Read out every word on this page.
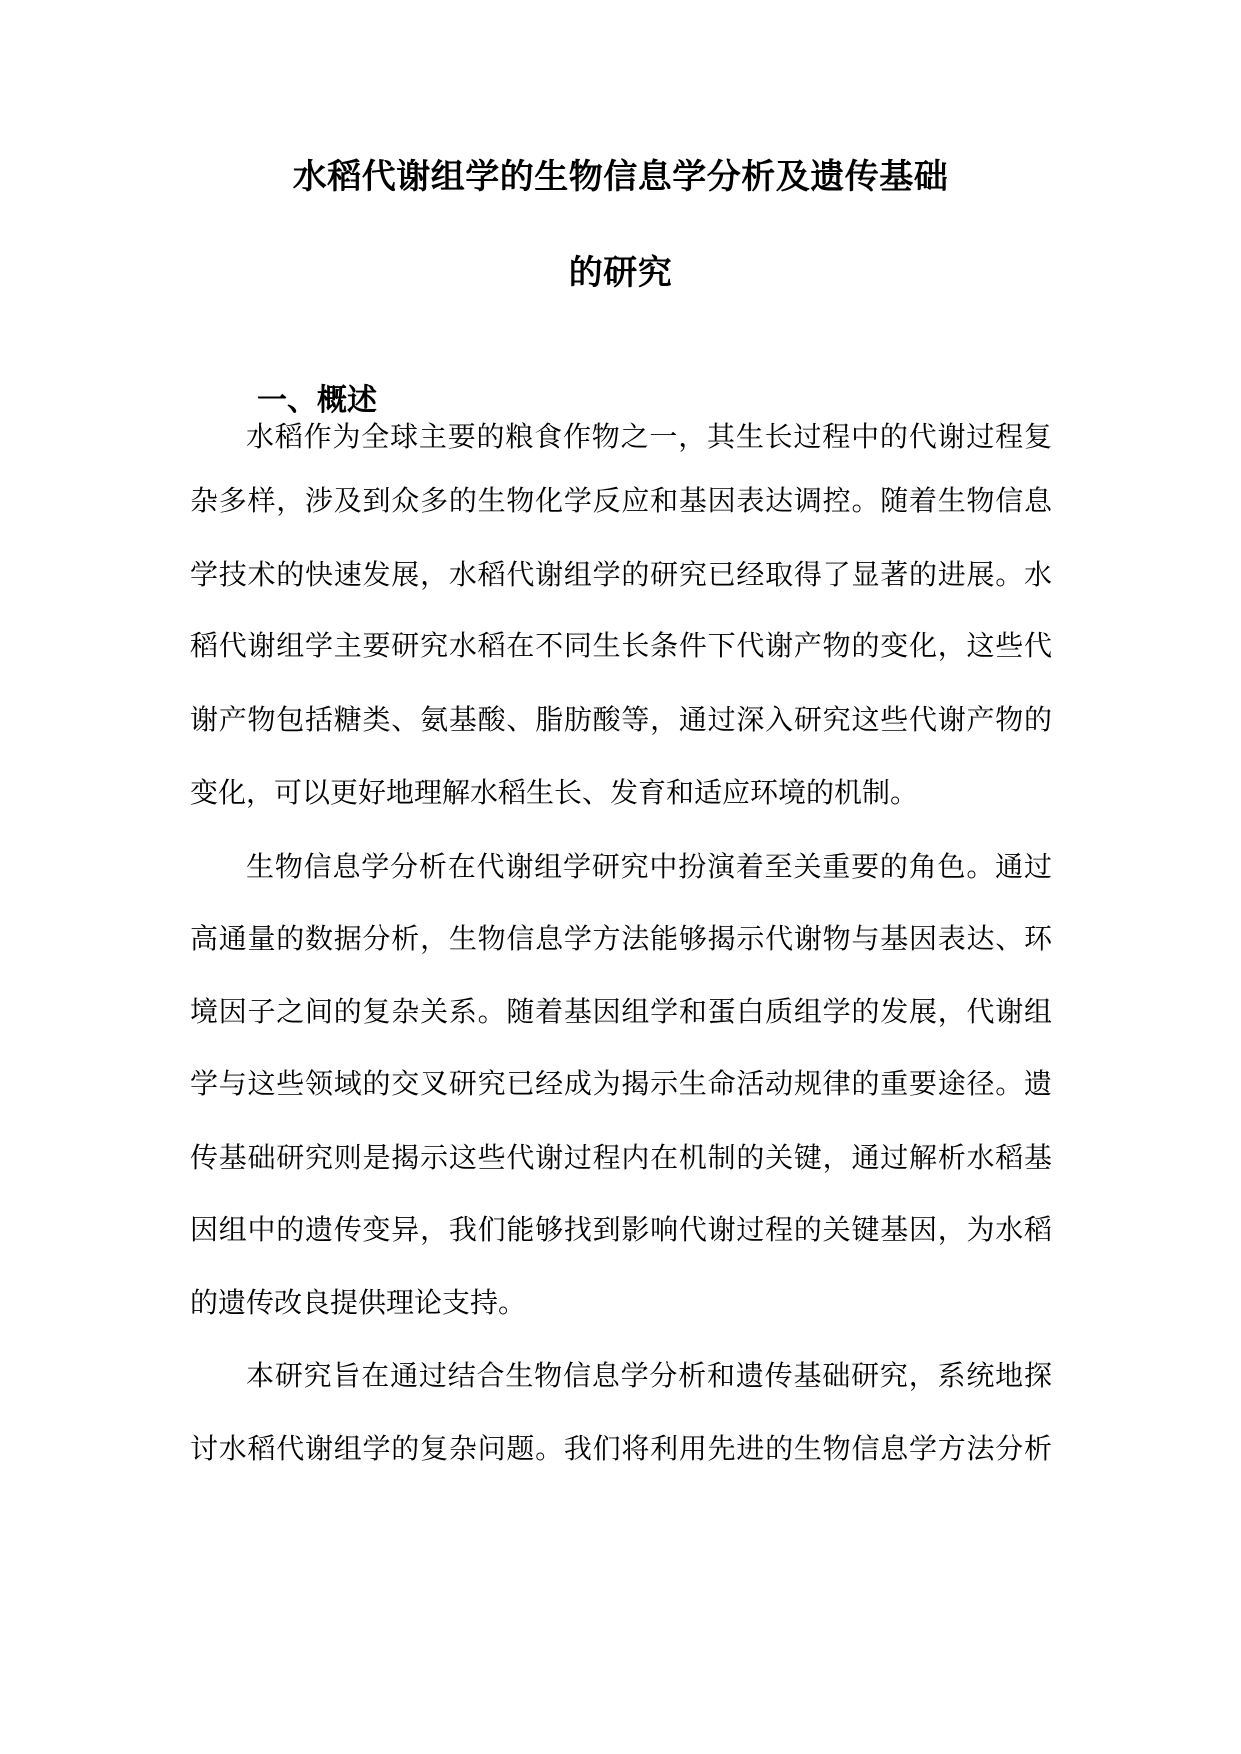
水稻代谢组学的生物信息学分析及遗传基础
的研究
一、概述
水稻作为全球主要的粮食作物之一，其生长过程中的代谢过程复
杂多样，涉及到众多的生物化学反应和基因表达调控。随着生物信息
学技术的快速发展，水稻代谢组学的研究已经取得了显著的进展。水
稻代谢组学主要研究水稻在不同生长条件下代谢产物的变化，这些代
谢产物包括糖类、氨基酸、脂肪酸等，通过深入研究这些代谢产物的
变化，可以更好地理解水稻生长、发育和适应环境的机制。
生物信息学分析在代谢组学研究中扮演着至关重要的角色。通过
高通量的数据分析，生物信息学方法能够揭示代谢物与基因表达、环
境因子之间的复杂关系。随着基因组学和蛋白质组学的发展，代谢组
学与这些领域的交叉研究已经成为揭示生命活动规律的重要途径。遗
传基础研究则是揭示这些代谢过程内在机制的关键，通过解析水稻基
因组中的遗传变异，我们能够找到影响代谢过程的关键基因，为水稻
的遗传改良提供理论支持。
本研究旨在通过结合生物信息学分析和遗传基础研究，系统地探
讨水稻代谢组学的复杂问题。我们将利用先进的生物信息学方法分析
